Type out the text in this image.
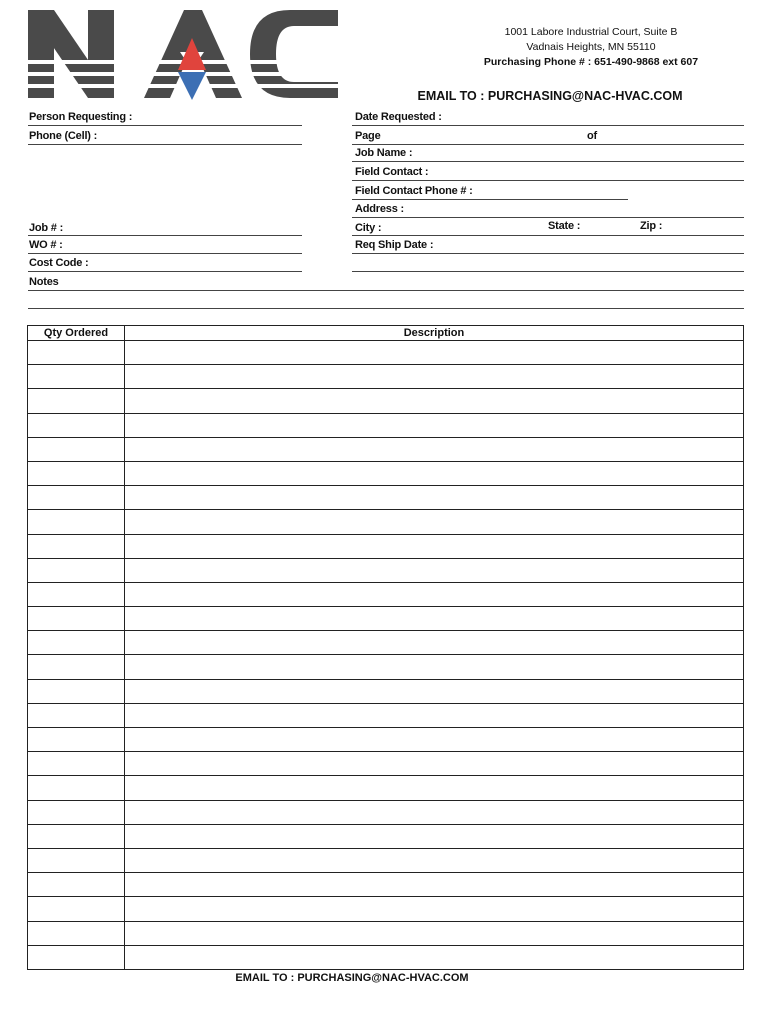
1001 Labore Industrial Court, Suite B
Vadnais Heights, MN 55110
Purchasing Phone # : 651-490-9868 ext 607
EMAIL TO : PURCHASING@NAC-HVAC.COM
Person Requesting :
Phone (Cell) :
Job # :
WO # :
Cost Code :
Notes
Date Requested :
Page	of
Job Name :
Field Contact :
Field Contact Phone # :
Address :
City :	State :	Zip :
Req Ship Date :
Qty Ordered	Description

EMAIL TO : PURCHASING@NAC-HVAC.COM
